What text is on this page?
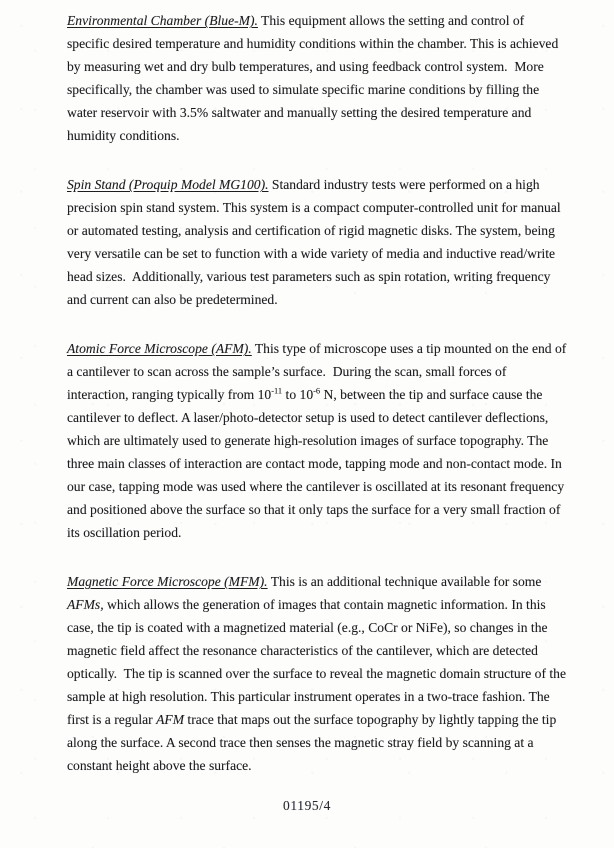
Environmental Chamber (Blue-M). This equipment allows the setting and control of specific desired temperature and humidity conditions within the chamber. This is achieved by measuring wet and dry bulb temperatures, and using feedback control system.  More specifically, the chamber was used to simulate specific marine conditions by filling the water reservoir with 3.5% saltwater and manually setting the desired temperature and humidity conditions.

Spin Stand (Proquip Model MG100). Standard industry tests were performed on a high precision spin stand system. This system is a compact computer-controlled unit for manual or automated testing, analysis and certification of rigid magnetic disks. The system, being very versatile can be set to function with a wide variety of media and inductive read/write head sizes.  Additionally, various test parameters such as spin rotation, writing frequency and current can also be predetermined.

Atomic Force Microscope (AFM). This type of microscope uses a tip mounted on the end of a cantilever to scan across the sample’s surface.  During the scan, small forces of interaction, ranging typically from $10^{-11}$ to $10^{-6}$ N, between the tip and surface cause the cantilever to deflect. A laser/photo-detector setup is used to detect cantilever deflections, which are ultimately used to generate high-resolution images of surface topography. The three main classes of interaction are contact mode, tapping mode and non-contact mode. In our case, tapping mode was used where the cantilever is oscillated at its resonant frequency and positioned above the surface so that it only taps the surface for a very small fraction of its oscillation period.

Magnetic Force Microscope (MFM). This is an additional technique available for some AFMs, which allows the generation of images that contain magnetic information. In this case, the tip is coated with a magnetized material (e.g., CoCr or NiFe), so changes in the magnetic field affect the resonance characteristics of the cantilever, which are detected optically.  The tip is scanned over the surface to reveal the magnetic domain structure of the sample at high resolution. This particular instrument operates in a two-trace fashion. The first is a regular AFM trace that maps out the surface topography by lightly tapping the tip along the surface. A second trace then senses the magnetic stray field by scanning at a constant height above the surface.

01195/4
